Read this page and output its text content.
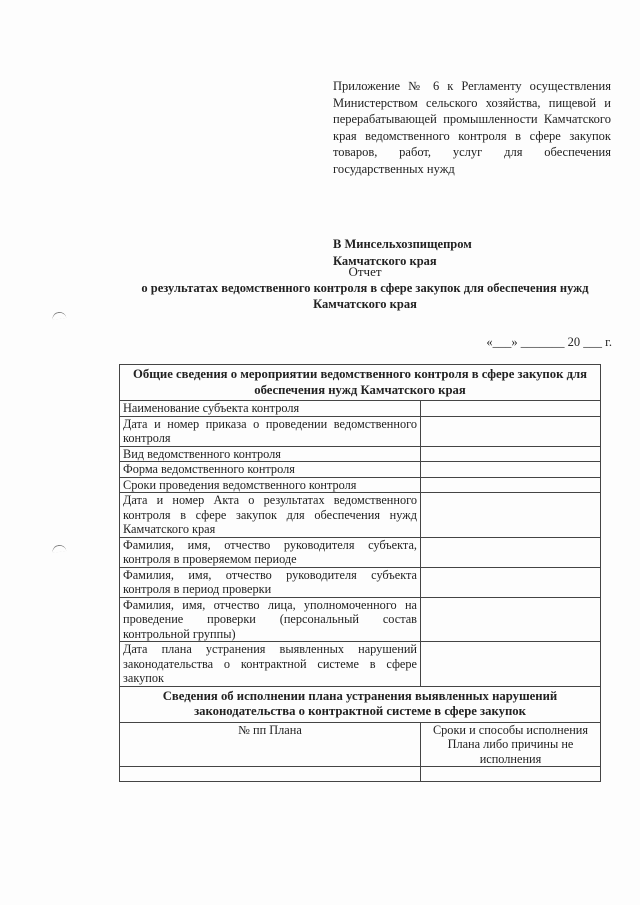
Приложение № 6 к Регламенту осуществления Министерством сельского хозяйства, пищевой и перерабатывающей промышленности Камчатского края ведомственного контроля в сфере закупок товаров, работ, услуг для обеспечения государственных нужд
В Минсельхозпищепром
Камчатского края
Отчет
о результатах ведомственного контроля в сфере закупок для обеспечения нужд Камчатского края
«___» _______ 20 ___ г.
Общие сведения о мероприятии ведомственного контроля в сфере закупок для обеспечения нужд Камчатского края	
Наименование субъекта контроля	
Дата и номер приказа о проведении ведомственного контроля	
Вид ведомственного контроля	
Форма ведомственного контроля	
Сроки проведения ведомственного контроля	
Дата и номер Акта о результатах ведомственного контроля в сфере закупок для обеспечения нужд Камчатского края	
Фамилия, имя, отчество руководителя субъекта, контроля в проверяемом периоде	
Фамилия, имя, отчество руководителя субъекта контроля в период проверки	
Фамилия, имя, отчество лица, уполномоченного на проведение проверки (персональный состав контрольной группы)	
Дата плана устранения выявленных нарушений законодательства о контрактной системе в сфере закупок	
Сведения об исполнении плана устранения выявленных нарушений законодательства о контрактной системе в сфере закупок	
№ пп Плана	Сроки и способы исполнения Плана либо причины не исполнения
